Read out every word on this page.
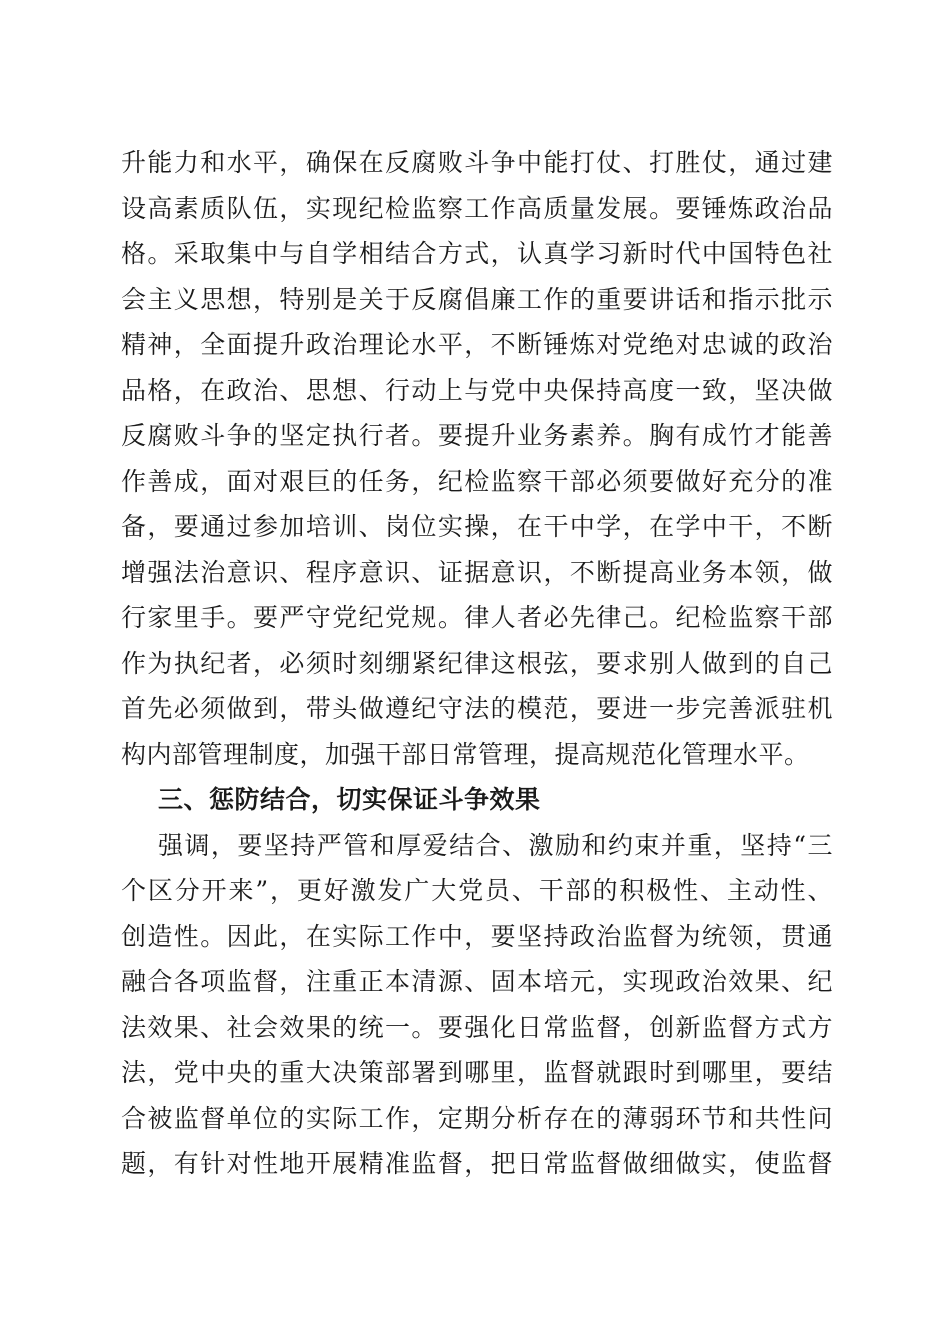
升能力和水平，确保在反腐败斗争中能打仗、打胜仗，通过建
设高素质队伍，实现纪检监察工作高质量发展。要锤炼政治品
格。采取集中与自学相结合方式，认真学习新时代中国特色社
会主义思想，特别是关于反腐倡廉工作的重要讲话和指示批示
精神，全面提升政治理论水平，不断锤炼对党绝对忠诚的政治
品格，在政治、思想、行动上与党中央保持高度一致，坚决做
反腐败斗争的坚定执行者。要提升业务素养。胸有成竹才能善
作善成，面对艰巨的任务，纪检监察干部必须要做好充分的准
备，要通过参加培训、岗位实操，在干中学，在学中干，不断
增强法治意识、程序意识、证据意识，不断提高业务本领，做
行家里手。要严守党纪党规。律人者必先律己。纪检监察干部
作为执纪者，必须时刻绷紧纪律这根弦，要求别人做到的自己
首先必须做到，带头做遵纪守法的模范，要进一步完善派驻机
构内部管理制度，加强干部日常管理，提高规范化管理水平。
三、惩防结合，切实保证斗争效果
强调，要坚持严管和厚爱结合、激励和约束并重，坚持“三
个区分开来”，更好激发广大党员、干部的积极性、主动性、
创造性。因此，在实际工作中，要坚持政治监督为统领，贯通
融合各项监督，注重正本清源、固本培元，实现政治效果、纪
法效果、社会效果的统一。要强化日常监督，创新监督方式方
法，党中央的重大决策部署到哪里，监督就跟时到哪里，要结
合被监督单位的实际工作，定期分析存在的薄弱环节和共性问
题，有针对性地开展精准监督，把日常监督做细做实，使监督
